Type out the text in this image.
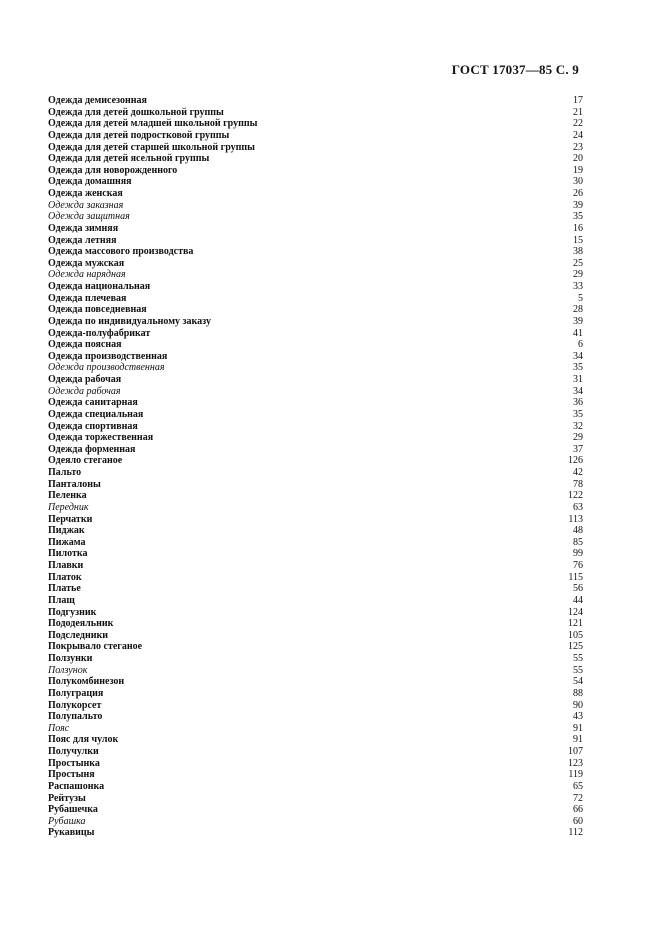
ГОСТ 17037—85 С. 9
Одежда демисезонная	17
Одежда для детей дошкольной группы	21
Одежда для детей младшей школьной группы	22
Одежда для детей подростковой группы	24
Одежда для детей старшей школьной группы	23
Одежда для детей ясельной группы	20
Одежда для новорожденного	19
Одежда домашняя	30
Одежда женская	26
Одежда заказная	39
Одежда защитная	35
Одежда зимняя	16
Одежда летняя	15
Одежда массового производства	38
Одежда мужская	25
Одежда нарядная	29
Одежда национальная	33
Одежда плечевая	5
Одежда повседневная	28
Одежда по индивидуальному заказу	39
Одежда-полуфабрикат	41
Одежда поясная	6
Одежда производственная	34
Одежда производственная	35
Одежда рабочая	31
Одежда рабочая	34
Одежда санитарная	36
Одежда специальная	35
Одежда спортивная	32
Одежда торжественная	29
Одежда форменная	37
Одеяло стеганое	126
Пальто	42
Панталоны	78
Пеленка	122
Передник	63
Перчатки	113
Пиджак	48
Пижама	85
Пилотка	99
Плавки	76
Платок	115
Платье	56
Плащ	44
Подгузник	124
Пододеяльник	121
Подследники	105
Покрывало стеганое	125
Ползунки	55
Ползунок	55
Полукомбинезон	54
Полуграция	88
Полукорсет	90
Полупальто	43
Пояс	91
Пояс для чулок	91
Получулки	107
Простынка	123
Простыня	119
Распашонка	65
Рейтузы	72
Рубашечка	66
Рубашка	60
Рукавицы	112
